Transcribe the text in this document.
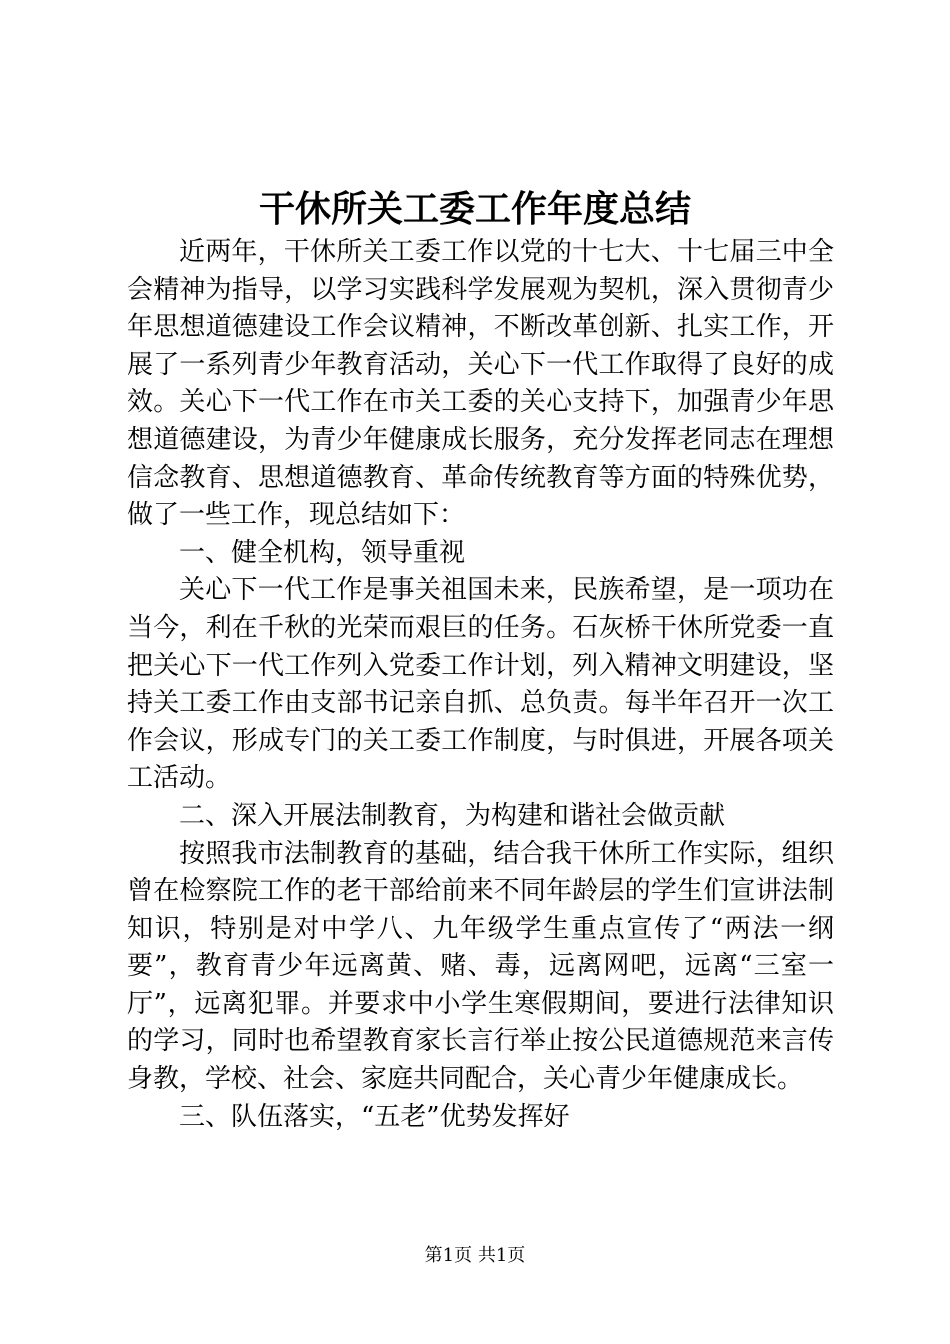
干休所关工委工作年度总结

近两年，干休所关工委工作以党的十七大、十七届三中全会精神为指导，以学习实践科学发展观为契机，深入贯彻青少年思想道德建设工作会议精神，不断改革创新、扎实工作，开展了一系列青少年教育活动，关心下一代工作取得了良好的成效。关心下一代工作在市关工委的关心支持下，加强青少年思想道德建设，为青少年健康成长服务，充分发挥老同志在理想信念教育、思想道德教育、革命传统教育等方面的特殊优势，做了一些工作，现总结如下：

一、健全机构，领导重视

关心下一代工作是事关祖国未来，民族希望，是一项功在当今，利在千秋的光荣而艰巨的任务。石灰桥干休所党委一直把关心下一代工作列入党委工作计划，列入精神文明建设，坚持关工委工作由支部书记亲自抓、总负责。每半年召开一次工作会议，形成专门的关工委工作制度，与时俱进，开展各项关工活动。

二、深入开展法制教育，为构建和谐社会做贡献

按照我市法制教育的基础，结合我干休所工作实际，组织曾在检察院工作的老干部给前来不同年龄层的学生们宣讲法制知识，特别是对中学八、九年级学生重点宣传了“两法一纲要”，教育青少年远离黄、赌、毒，远离网吧，远离“三室一厅”，远离犯罪。并要求中小学生寒假期间，要进行法律知识的学习，同时也希望教育家长言行举止按公民道德规范来言传身教，学校、社会、家庭共同配合，关心青少年健康成长。

三、队伍落实，“五老”优势发挥好

第1页 共1页
